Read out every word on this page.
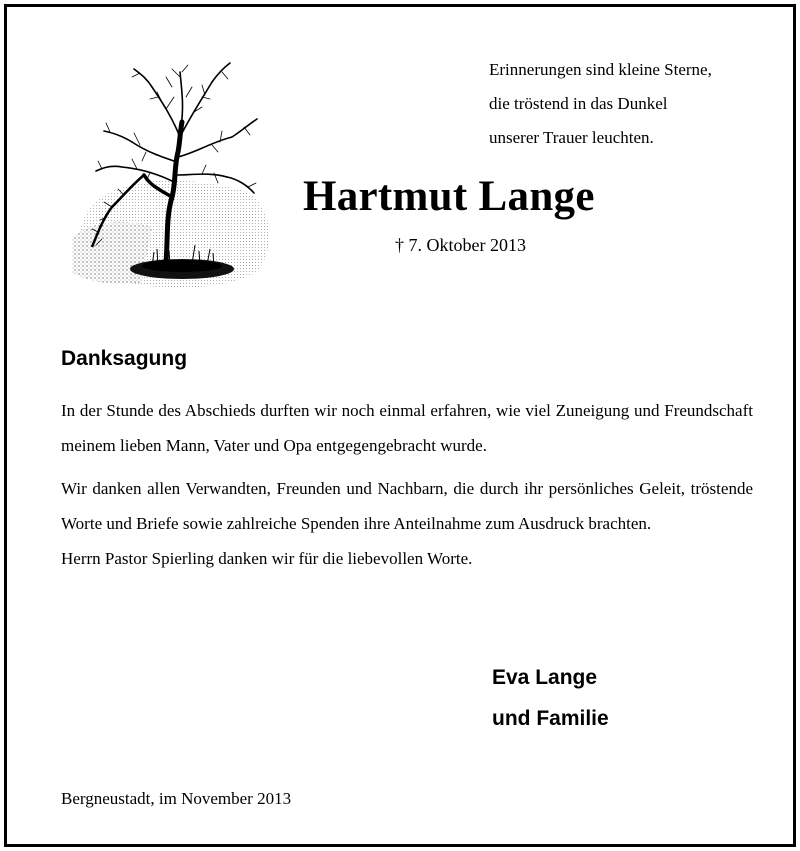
Erinnerungen sind kleine Sterne,
die tröstend in das Dunkel
unserer Trauer leuchten.
Hartmut Lange
† 7. Oktober 2013
Danksagung

In der Stunde des Abschieds durften wir noch einmal erfahren, wie viel Zuneigung und Freundschaft meinem lieben Mann, Vater und Opa entgegengebracht wurde.

Wir danken allen Verwandten, Freunden und Nachbarn, die durch ihr persönliches Geleit, tröstende Worte und Briefe sowie zahlreiche Spenden ihre Anteilnahme zum Ausdruck brachten.

Herrn Pastor Spierling danken wir für die liebevollen Worte.

Eva Lange
und Familie
Bergneustadt, im November 2013
